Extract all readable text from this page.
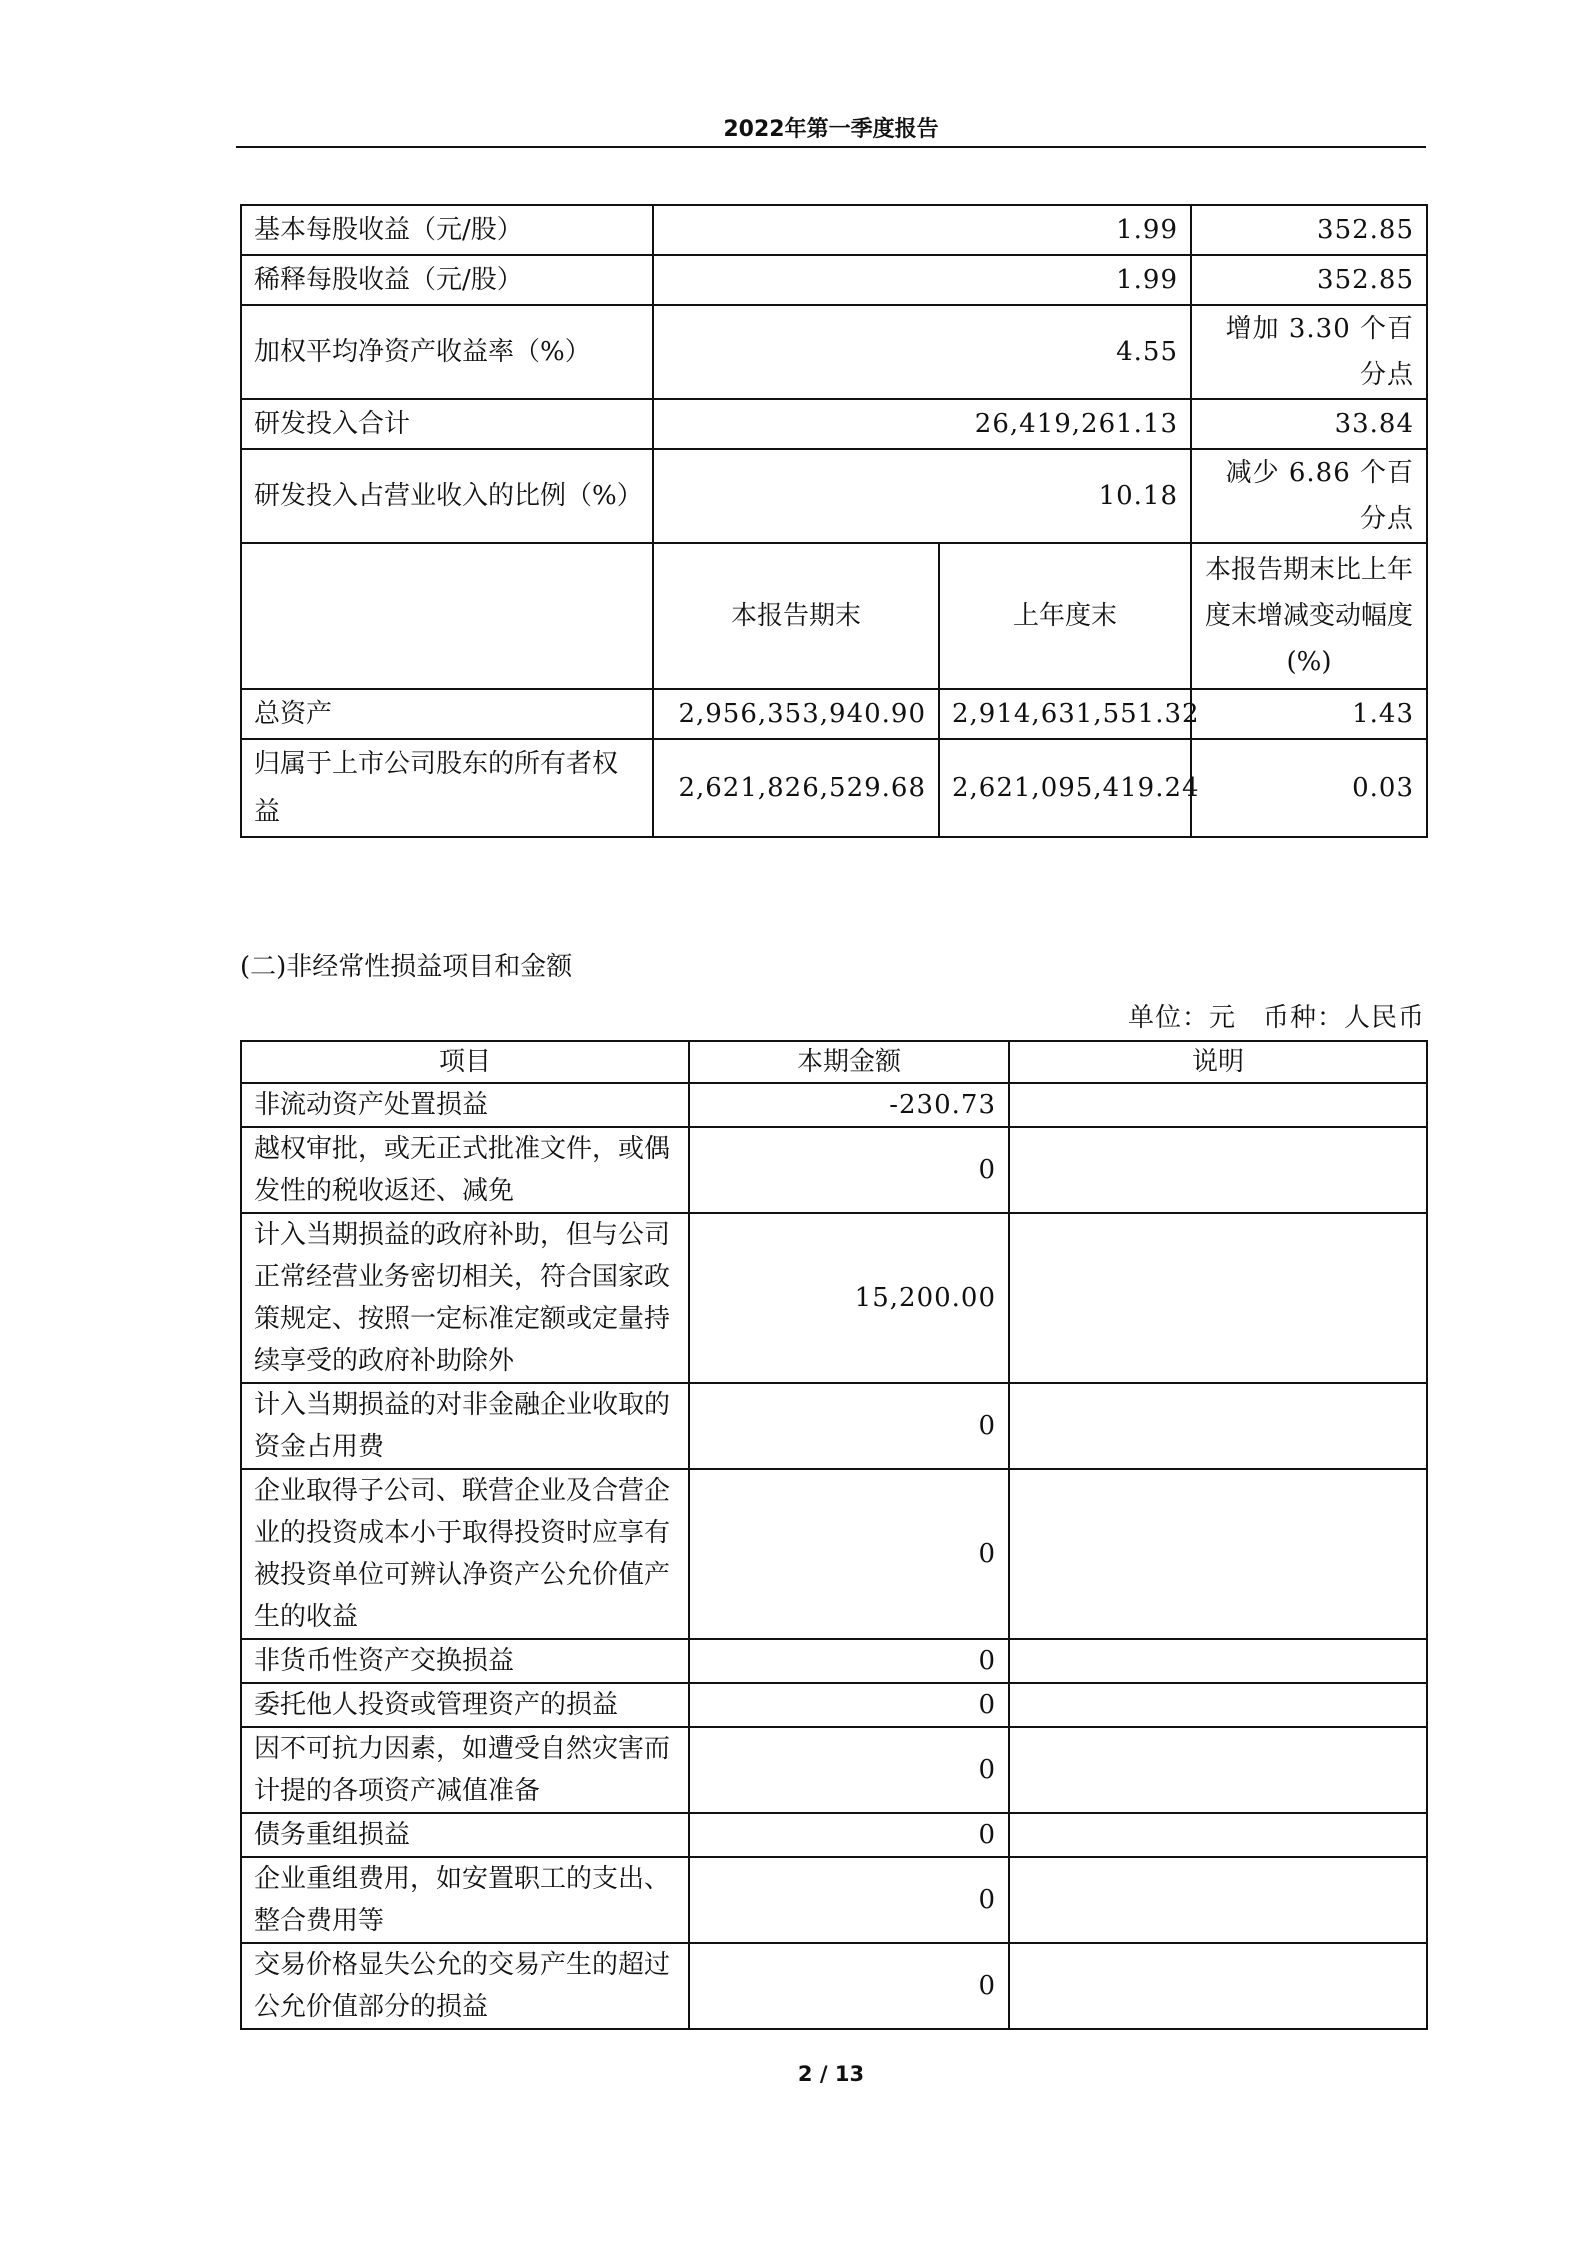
2022年第一季度报告
基本每股收益（元/股）	1.99		352.85
稀释每股收益（元/股）	1.99		352.85
加权平均净资产收益率（%）	4.55		增加 3.30 个百分点
研发投入合计	26,419,261.13		33.84
研发投入占营业收入的比例（%）	10.18		减少 6.86 个百分点
	本报告期末	上年度末	本报告期末比上年度末增减变动幅度(%)
总资产	2,956,353,940.90	2,914,631,551.32	1.43
归属于上市公司股东的所有者权益	2,621,826,529.68	2,621,095,419.24	0.03
(二)非经常性损益项目和金额
单位：元　币种：人民币
项目	本期金额	说明
非流动资产处置损益	-230.73	
越权审批，或无正式批准文件，或偶发性的税收返还、减免	0	
计入当期损益的政府补助，但与公司正常经营业务密切相关，符合国家政策规定、按照一定标准定额或定量持续享受的政府补助除外	15,200.00	
计入当期损益的对非金融企业收取的资金占用费	0	
企业取得子公司、联营企业及合营企业的投资成本小于取得投资时应享有被投资单位可辨认净资产公允价值产生的收益	0	
非货币性资产交换损益	0	
委托他人投资或管理资产的损益	0	
因不可抗力因素，如遭受自然灾害而计提的各项资产减值准备	0	
债务重组损益	0	
企业重组费用，如安置职工的支出、整合费用等	0	
交易价格显失公允的交易产生的超过公允价值部分的损益	0	
2 / 13
